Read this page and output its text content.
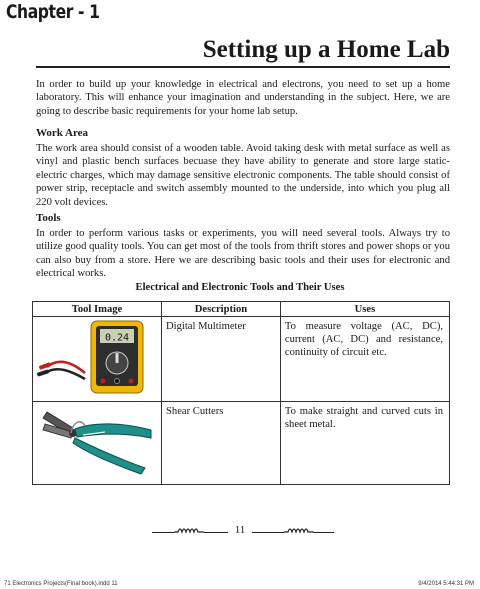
Chapter - 1
Setting up a Home Lab
In order to build up your knowledge in electrical and electrons, you need to set up a home laboratory. This will enhance your imagination and understanding in the subject. Here, we are going to describe basic requirements for your home lab setup.
Work Area
The work area should consist of a wooden table. Avoid taking desk with metal surface as well as vinyl and plastic bench surfaces becuase they have ability to generate and store large static-electric charges, which may damage sensitive electronic components. The table should consist of power strip, receptacle and switch assembly mounted to the underside, into which you plug all 220 volt devices.
Tools
In order to perform various tasks or experiments, you will need several tools. Always try to utilize good quality tools. You can get most of the tools from thrift stores and power shops or you can also buy from a store. Here we are describing basic tools and their uses for electronic and electrical works.
Electrical and Electronic Tools and Their Uses
Tool Image	Description	Uses

0.24	Digital Multimeter	To measure voltage (AC, DC), current (AC, DC) and resistance, continuity of circuit etc.
	Shear Cutters	To make straight and curved cuts in sheet metal.
11
71 Electronics Projects(Final book).indd 11	9/4/2014 5:44:31 PM
